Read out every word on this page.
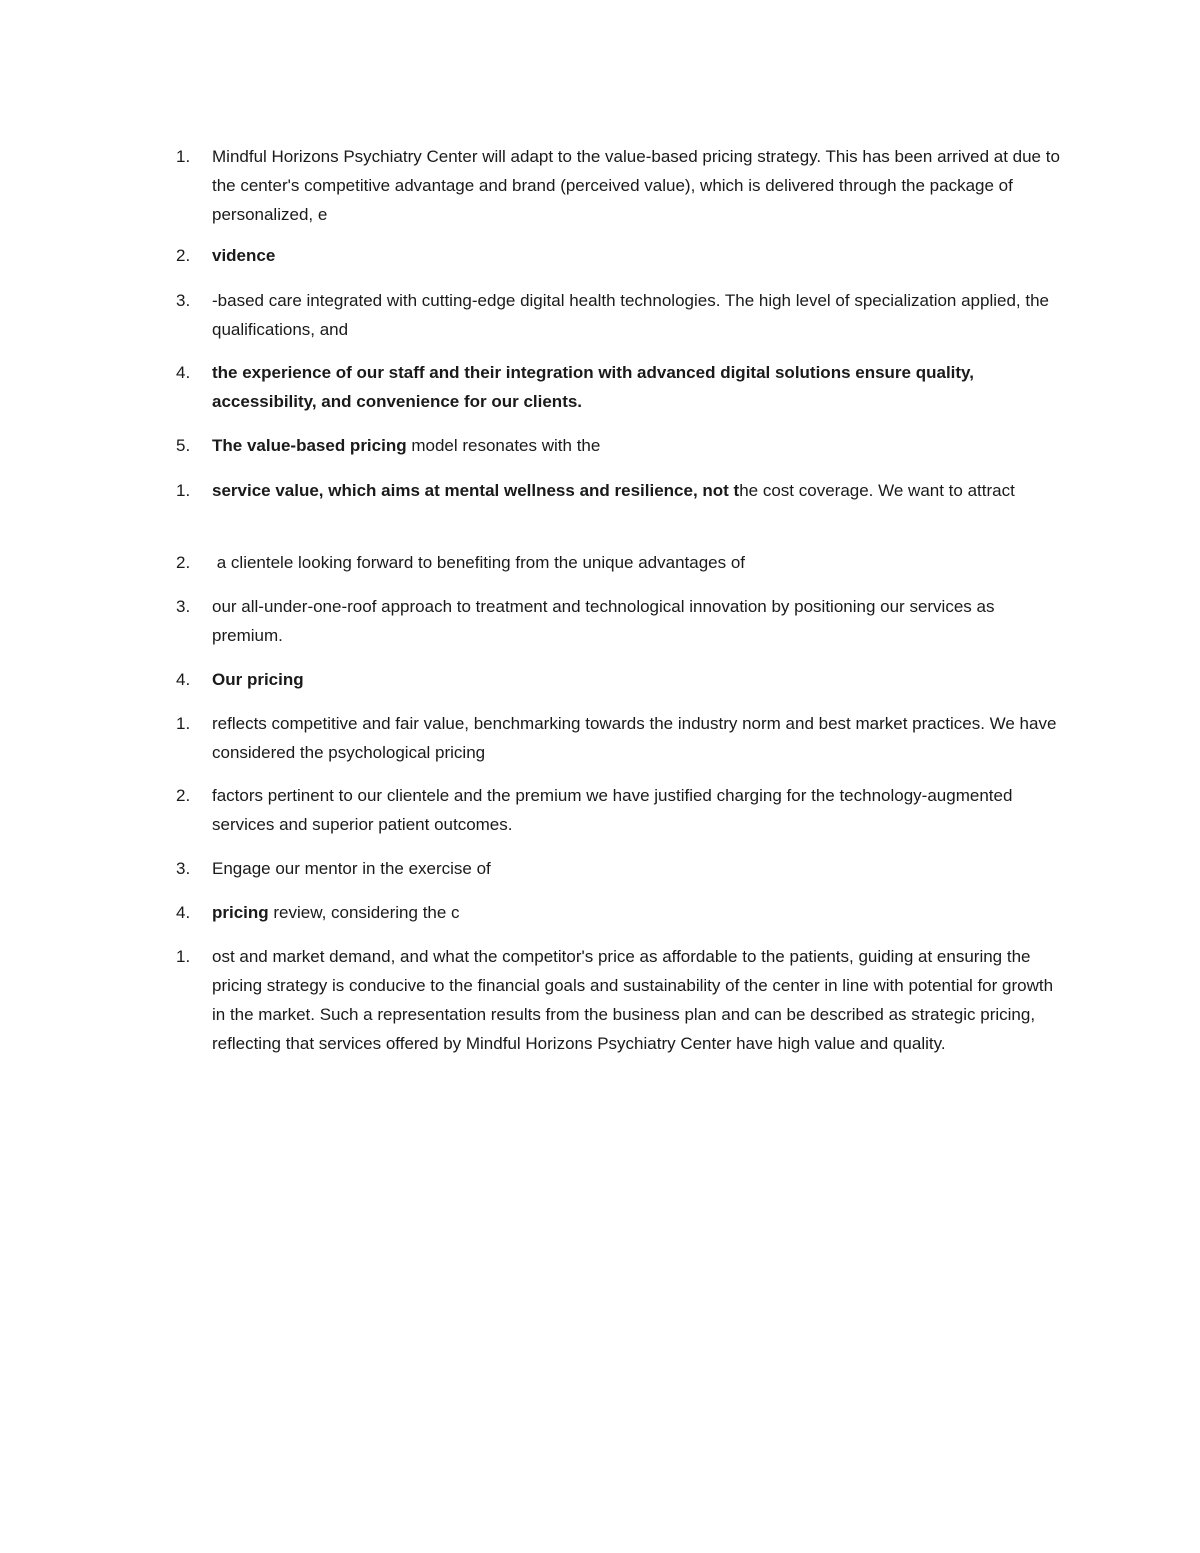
1.	Mindful Horizons Psychiatry Center will adapt to the value-based pricing strategy. This has been arrived at due to the center's competitive advantage and brand (perceived value), which is delivered through the package of personalized, e
2.	vidence
3.	-based care integrated with cutting-edge digital health technologies. The high level of specialization applied, the qualifications, and
4.	the experience of our staff and their integration with advanced digital solutions ensure quality, accessibility, and convenience for our clients.
5.	The value-based pricing model resonates with the
1.	service value, which aims at mental wellness and resilience, not the cost coverage. We want to attract
2.	a clientele looking forward to benefiting from the unique advantages of
3.	our all-under-one-roof approach to treatment and technological innovation by positioning our services as premium.
4.	Our pricing
1.	reflects competitive and fair value, benchmarking towards the industry norm and best market practices. We have considered the psychological pricing
2.	factors pertinent to our clientele and the premium we have justified charging for the technology-augmented services and superior patient outcomes.
3.	Engage our mentor in the exercise of
4.	pricing review, considering the c
1.	ost and market demand, and what the competitor's price as affordable to the patients, guiding at ensuring the pricing strategy is conducive to the financial goals and sustainability of the center in line with potential for growth in the market. Such a representation results from the business plan and can be described as strategic pricing, reflecting that services offered by Mindful Horizons Psychiatry Center have high value and quality.
